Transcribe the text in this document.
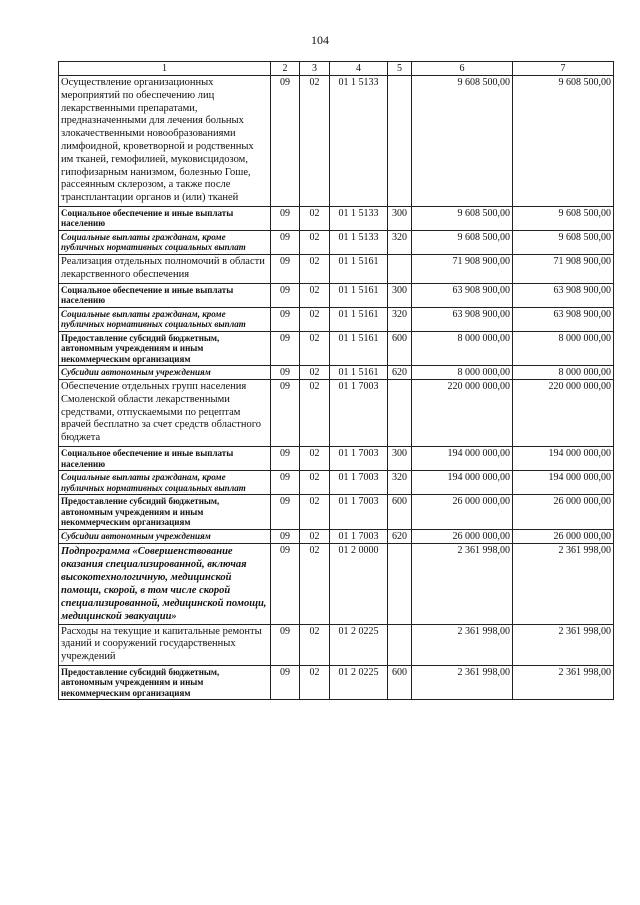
104
1	2	3	4	5	6	7
Осуществление организационных мероприятий по обеспечению лиц лекарственными препаратами, предназначенными для лечения больных злокачественными новообразованиями лимфоидной, кроветворной и родственных им тканей, гемофилией, муковисцидозом, гипофизарным нанизмом, болезнью Гоше, рассеянным склерозом, а также после трансплантации органов и (или) тканей	09	02	01 1 5133		9 608 500,00	9 608 500,00
Социальное обеспечение и иные выплаты населению	09	02	01 1 5133	300	9 608 500,00	9 608 500,00
Социальные выплаты гражданам, кроме публичных нормативных социальных выплат	09	02	01 1 5133	320	9 608 500,00	9 608 500,00
Реализация отдельных полномочий в области лекарственного обеспечения	09	02	01 1 5161		71 908 900,00	71 908 900,00
Социальное обеспечение и иные выплаты населению	09	02	01 1 5161	300	63 908 900,00	63 908 900,00
Социальные выплаты гражданам, кроме публичных нормативных социальных выплат	09	02	01 1 5161	320	63 908 900,00	63 908 900,00
Предоставление субсидий бюджетным, автономным учреждениям и иным некоммерческим организациям	09	02	01 1 5161	600	8 000 000,00	8 000 000,00
Субсидии автономным учреждениям	09	02	01 1 5161	620	8 000 000,00	8 000 000,00
Обеспечение отдельных групп населения Смоленской области лекарственными средствами, отпускаемыми по рецептам врачей бесплатно за счет средств областного бюджета	09	02	01 1 7003		220 000 000,00	220 000 000,00
Социальное обеспечение и иные выплаты населению	09	02	01 1 7003	300	194 000 000,00	194 000 000,00
Социальные выплаты гражданам, кроме публичных нормативных социальных выплат	09	02	01 1 7003	320	194 000 000,00	194 000 000,00
Предоставление субсидий бюджетным, автономным учреждениям и иным некоммерческим организациям	09	02	01 1 7003	600	26 000 000,00	26 000 000,00
Субсидии автономным учреждениям	09	02	01 1 7003	620	26 000 000,00	26 000 000,00
Подпрограмма «Совершенствование оказания специализированной, включая высокотехнологичную, медицинской помощи, скорой, в том числе скорой специализированной, медицинской помощи, медицинской эвакуации»	09	02	01 2 0000		2 361 998,00	2 361 998,00
Расходы на текущие и капитальные ремонты зданий и сооружений государственных учреждений	09	02	01 2 0225		2 361 998,00	2 361 998,00
Предоставление субсидий бюджетным, автономным учреждениям и иным некоммерческим организациям	09	02	01 2 0225	600	2 361 998,00	2 361 998,00
